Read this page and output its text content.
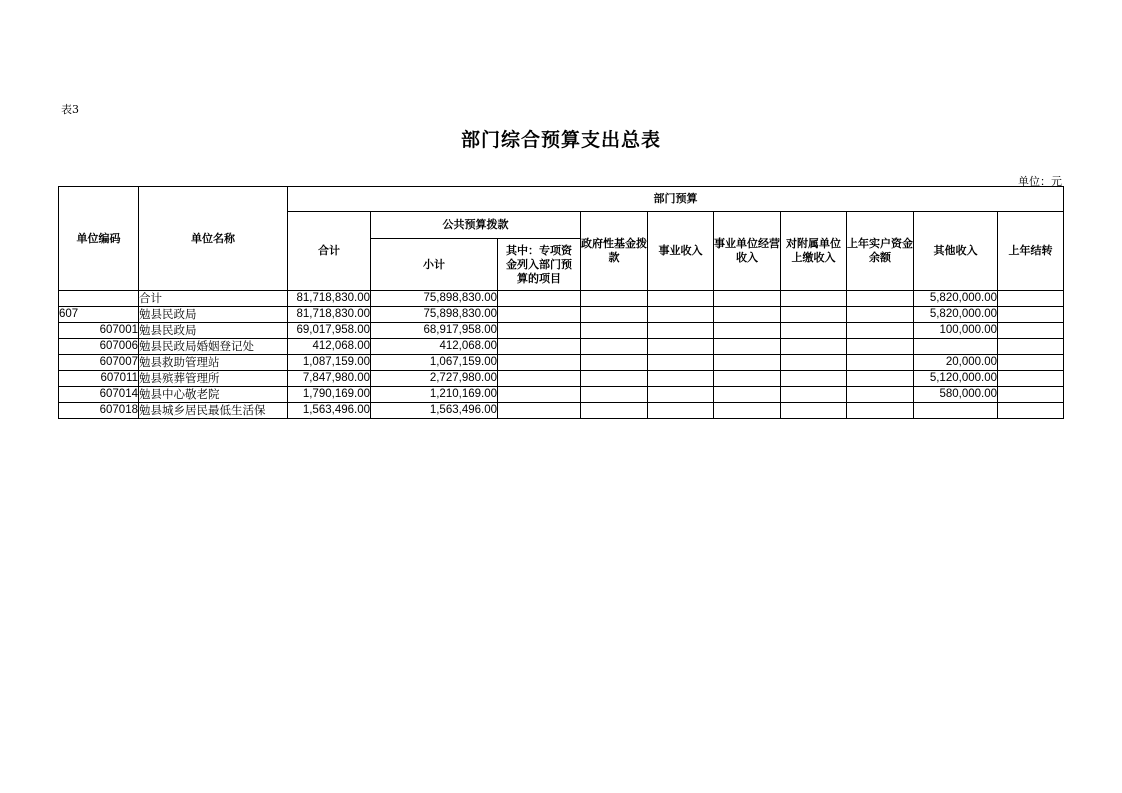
表3
部门综合预算支出总表
单位：元
单位编码	单位名称	部门预算									
		合计	公共预算拨款		政府性基金拨款	事业收入	事业单位经营收入	对附属单位上缴收入	上年实户资金余额	其他收入	上年结转
			小计	其中：专项资金列入部门预算的项目							
	合计	81,718,830.00	75,898,830.00							5,820,000.00	
607	勉县民政局	81,718,830.00	75,898,830.00							5,820,000.00	
607001	勉县民政局	69,017,958.00	68,917,958.00							100,000.00	
607006	勉县民政局婚姻登记处	412,068.00	412,068.00								
607007	勉县救助管理站	1,087,159.00	1,067,159.00							20,000.00	
607011	勉县殡葬管理所	7,847,980.00	2,727,980.00							5,120,000.00	
607014	勉县中心敬老院	1,790,169.00	1,210,169.00							580,000.00	
607018	勉县城乡居民最低生活保	1,563,496.00	1,563,496.00								
